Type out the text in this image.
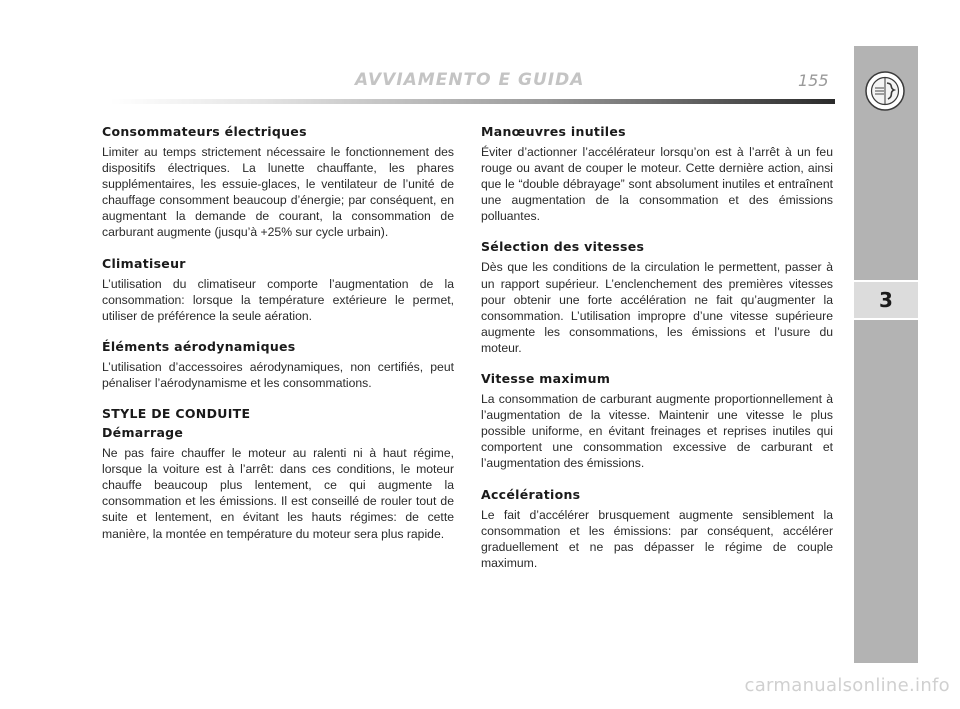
AVVIAMENTO E GUIDA	155
3
Consommateurs électriques

Limiter au temps strictement nécessaire le fonctionnement des dispositifs électriques. La lunette chauffante, les phares supplémentaires, les essuie-glaces, le ventilateur de l’unité de chauffage consomment beaucoup d’énergie; par conséquent, en augmentant la demande de courant, la consommation de carburant augmente (jusqu’à +25% sur cycle urbain).

Climatiseur

L’utilisation du climatiseur comporte l’augmentation de la consommation: lorsque la température extérieure le permet, utiliser de préférence la seule aération.

Éléments aérodynamiques

L’utilisation d’accessoires aérodynamiques, non certifiés, peut pénaliser l’aérodynamisme et les consommations.

STYLE DE CONDUITE
Démarrage

Ne pas faire chauffer le moteur au ralenti ni à haut régime, lorsque la voiture est à l’arrêt: dans ces conditions, le moteur chauffe beaucoup plus lentement, ce qui augmente la consommation et les émissions. Il est conseillé de rouler tout de suite et lentement, en évitant les hauts régimes: de cette manière, la montée en température du moteur sera plus rapide.

Manœuvres inutiles

Éviter d’actionner l’accélérateur lorsqu’on est à l’arrêt à un feu rouge ou avant de couper le moteur. Cette dernière action, ainsi que le “double débrayage” sont absolument inutiles et entraînent une augmentation de la consommation et des émissions polluantes.

Sélection des vitesses

Dès que les conditions de la circulation le permettent, passer à un rapport supérieur. L’enclenchement des premières vitesses pour obtenir une forte accélération ne fait qu’augmenter la consommation. L’utilisation impropre d’une vitesse supérieure augmente les consommations, les émissions et l’usure du moteur.

Vitesse maximum

La consommation de carburant augmente proportionnellement à l’augmentation de la vitesse. Maintenir une vitesse le plus possible uniforme, en évitant freinages et reprises inutiles qui comportent une consommation excessive de carburant et l’augmentation des émissions.

Accélérations

Le fait d’accélérer brusquement augmente sensiblement la consommation et les émissions: par conséquent, accélérer graduellement et ne pas dépasser le régime de couple maximum.

carmanualsonline.info
